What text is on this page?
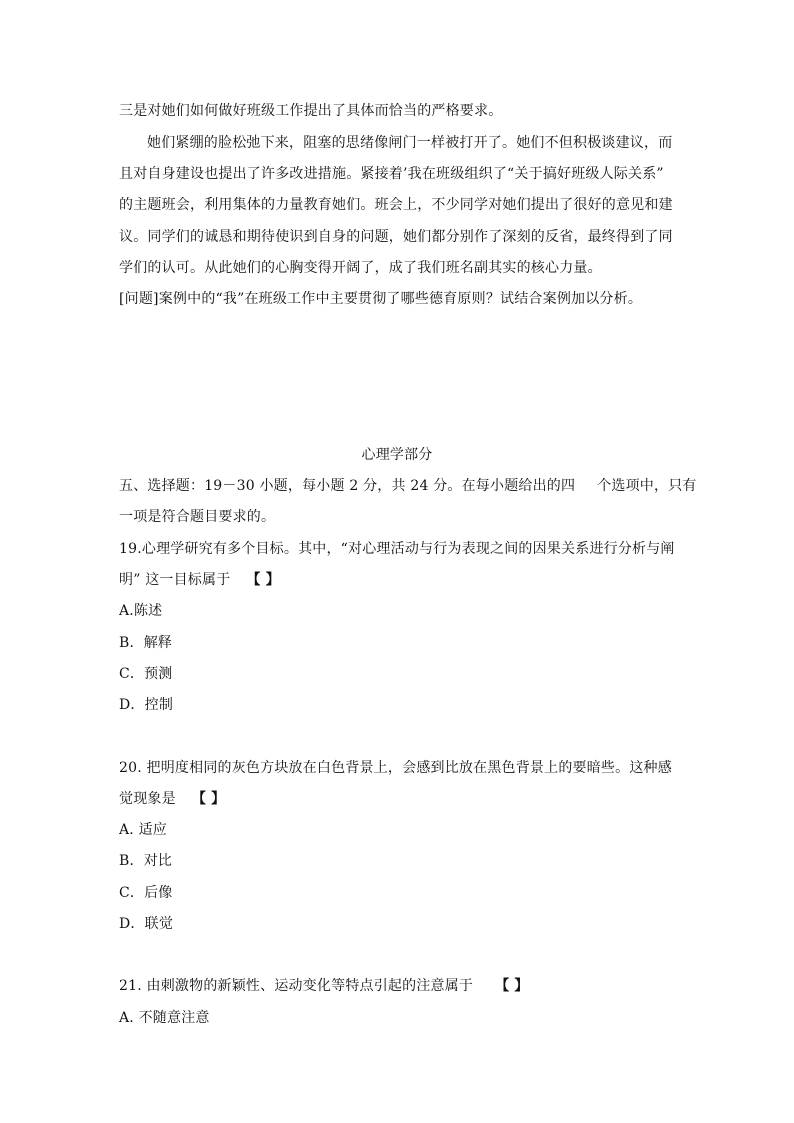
三是对她们如何做好班级工作提出了具体而恰当的严格要求。
她们紧绷的脸松弛下来，阻塞的思绪像闸门一样被打开了。她们不但积极谈建议，而
且对自身建设也提出了许多改进措施。紧接着’我在班级组织了“关于搞好班级人际关系”
的主题班会，利用集体的力量教育她们。班会上，不少同学对她们提出了很好的意见和建
议。同学们的诚恳和期待使识到自身的问题，她们都分别作了深刻的反省，最终得到了同
学们的认可。从此她们的心胸变得开阔了，成了我们班名副其实的核心力量。
[问题]案例中的“我”在班级工作中主要贯彻了哪些德育原则？试结合案例加以分析。
心理学部分
五、选择题：19－30 小题，每小题 2 分，共 24 分。在每小题给出的四 个选项中，只有
一项是符合题目要求的。
19.心理学研究有多个目标。其中，“对心理活动与行为表现之间的因果关系进行分析与阐
明” 这一目标属于 【 】
A.陈述
B．解释
C．预测
D．控制
20. 把明度相同的灰色方块放在白色背景上，会感到比放在黑色背景上的要暗些。这种感
觉现象是 【 】
A. 适应
B．对比
C．后像
D．联觉
21. 由刺激物的新颖性、运动变化等特点引起的注意属于 【 】
A. 不随意注意
